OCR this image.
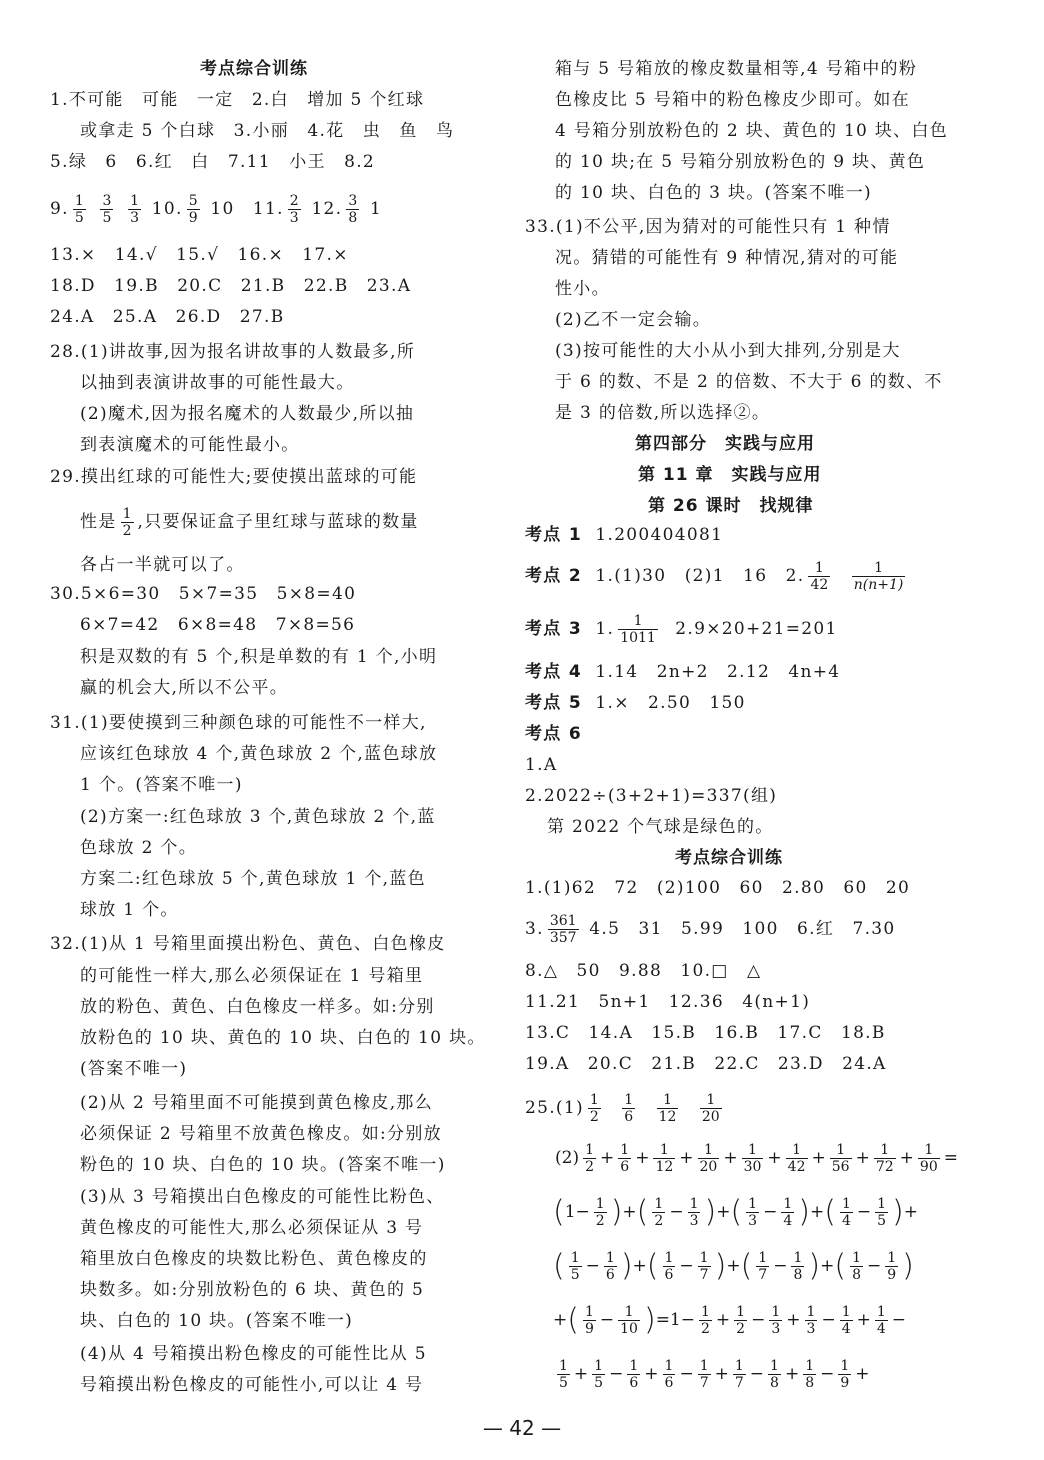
考点综合训练
1.不可能　可能　一定　2.白　增加 5 个红球
或拿走 5 个白球　3.小丽　4.花　虫　鱼　鸟
5.绿　6　6.红　白　7.11　小王　8.2
9. $\frac{1}{5}$
$\frac{3}{5}$
$\frac{1}{3} 10$. $\frac{5}{9} 10$　11. $\frac{2}{3} 12$. $\frac{3}{8} 1$
13.×　14.√　15.√　16.×　17.×
18.D　19.B　20.C　21.B　22.B　23.A
24.A　25.A　26.D　27.B
28.(1)讲故事,因为报名讲故事的人数最多,所
以抽到表演讲故事的可能性最大。
(2)魔术,因为报名魔术的人数最少,所以抽
到表演魔术的可能性最小。
29.摸出红球的可能性大;要使摸出蓝球的可能
性是 $\frac{1}{2}$ ,只要保证盒子里红球与蓝球的数量
各占一半就可以了。
30.5×6=30　5×7=35　5×8=40
6×7=42　6×8=48　7×8=56
积是双数的有 5 个,积是单数的有 1 个,小明
赢的机会大,所以不公平。
31.(1)要使摸到三种颜色球的可能性不一样大,
应该红色球放 4 个,黄色球放 2 个,蓝色球放
1 个。(答案不唯一)
(2)方案一:红色球放 3 个,黄色球放 2 个,蓝
色球放 2 个。
方案二:红色球放 5 个,黄色球放 1 个,蓝色
球放 1 个。
32.(1)从 1 号箱里面摸出粉色、黄色、白色橡皮
的可能性一样大,那么必须保证在 1 号箱里
放的粉色、黄色、白色橡皮一样多。如:分别
放粉色的 10 块、黄色的 10 块、白色的 10 块。
(答案不唯一)
(2)从 2 号箱里面不可能摸到黄色橡皮,那么
必须保证 2 号箱里不放黄色橡皮。如:分别放
粉色的 10 块、白色的 10 块。(答案不唯一)
(3)从 3 号箱摸出白色橡皮的可能性比粉色、
黄色橡皮的可能性大,那么必须保证从 3 号
箱里放白色橡皮的块数比粉色、黄色橡皮的
块数多。如:分别放粉色的 6 块、黄色的 5
块、白色的 10 块。(答案不唯一)
(4)从 4 号箱摸出粉色橡皮的可能性比从 5
号箱摸出粉色橡皮的可能性小,可以让 4 号
箱与 5 号箱放的橡皮数量相等,4 号箱中的粉
色橡皮比 5 号箱中的粉色橡皮少即可。如在
4 号箱分别放粉色的 2 块、黄色的 10 块、白色
的 10 块;在 5 号箱分别放粉色的 9 块、黄色
的 10 块、白色的 3 块。(答案不唯一)
33.(1)不公平,因为猜对的可能性只有 1 种情
况。猜错的可能性有 9 种情况,猜对的可能
性小。
(2)乙不一定会输。
(3)按可能性的大小从小到大排列,分别是大
于 6 的数、不是 2 的倍数、不大于 6 的数、不
是 3 的倍数,所以选择②。
第四部分　实践与应用
第 11 章　实践与应用
第 26 课时　找规律
考点 1 1.200404081
考点 2 1.(1)30　(2)1　16　2. $\frac{1}{42}$
$\frac{1}{n(n+1)}$
考点 3 1. $\frac{1}{1011} 2.9\times 20+21=201$
考点 4 1.14　2n+2　2.12　4n+4
考点 5 1.×　2.50　150
考点 6
1.A
2.2022÷(3+2+1)=337(组)
第 2022 个气球是绿色的。
考点综合训练
1.(1)62　72　(2)100　60　2.80　60　20
3. $\frac{361}{357} 4.5$　31　5.99　100　6.红　7.30
8.△　50　9.88　10.□　△
11.21　5n+1　12.36　4(n+1)
13.C　14.A　15.B　16.B　17.C　18.B
19.A　20.C　21.B　22.C　23.D　24.A
$25.(1) \frac{1}{2}$
$\frac{1}{6}$
$\frac{1}{12}$
$\frac{1}{20}$
$(2) \frac{1}{2} + \frac{1}{6} + \frac{1}{12} + \frac{1}{20} + \frac{1}{30} + \frac{1}{42} + \frac{1}{56} + \frac{1}{72} + \frac{1}{90}$ =
($1- \frac{1}{2}$ )+( $\frac{1}{2} - \frac{1}{3}$ )+( $\frac{1}{3} - \frac{1}{4}$ )+( $\frac{1}{4} - \frac{1}{5}$ )+
( $\frac{1}{5} - \frac{1}{6}$ )+( $\frac{1}{6} - \frac{1}{7}$ )+( $\frac{1}{7} - \frac{1}{8}$ )+( $\frac{1}{8} - \frac{1}{9}$ )
+( $\frac{1}{9} - \frac{1}{10} )=1- \frac{1}{2} + \frac{1}{2} - \frac{1}{3} + \frac{1}{3} - \frac{1}{4} + \frac{1}{4}$ −
$\frac{1}{5} + \frac{1}{5} - \frac{1}{6} + \frac{1}{6} - \frac{1}{7} + \frac{1}{7} - \frac{1}{8} + \frac{1}{8} - \frac{1}{9}$ +
— 42 —
